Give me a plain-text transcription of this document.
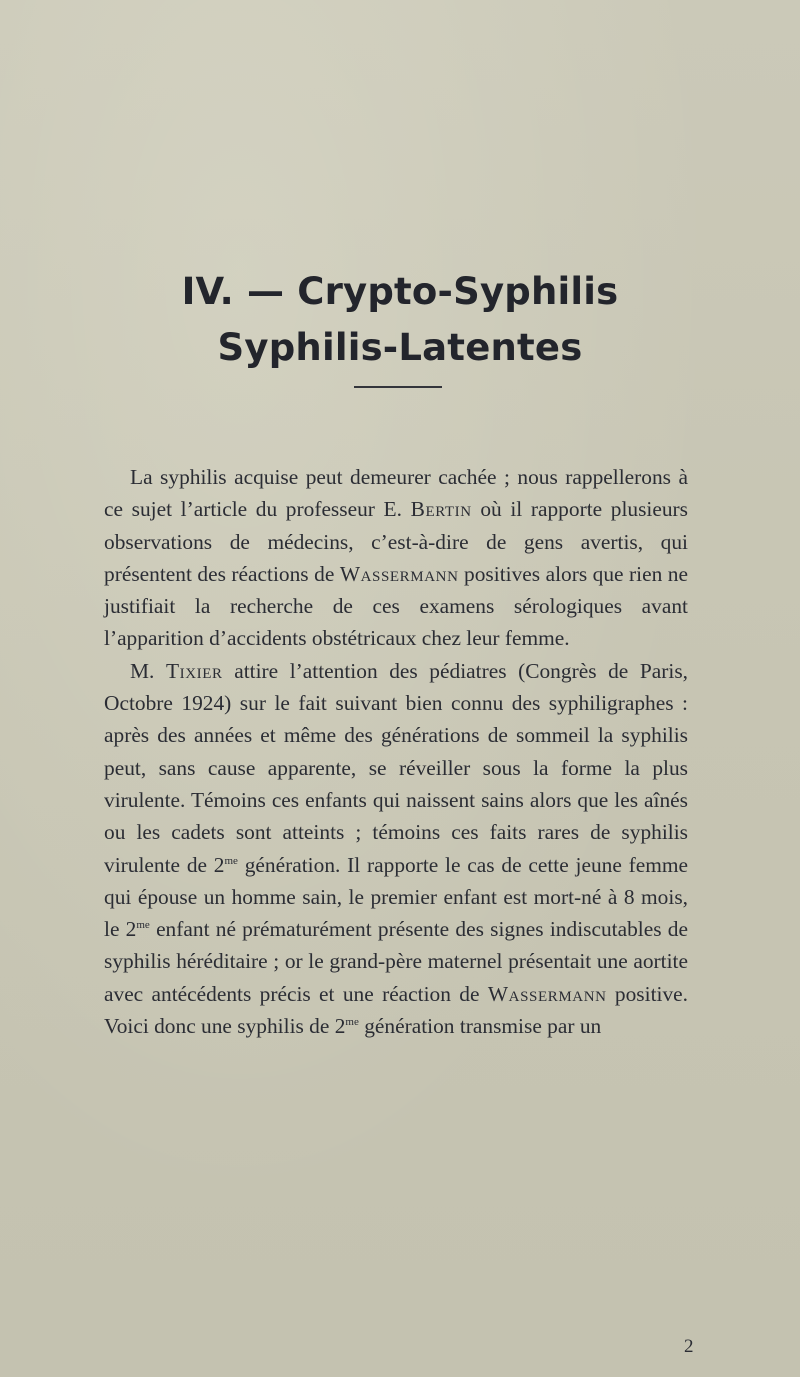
IV. — Crypto-Syphilis
Syphilis-Latentes

La syphilis acquise peut demeurer cachée ; nous rappellerons à ce sujet l’article du professeur E. Bertin où il rapporte plusieurs observations de médecins, c’est-à-dire de gens avertis, qui présentent des réactions de Wassermann positives alors que rien ne justifiait la recherche de ces examens sérologiques avant l’apparition d’accidents obstétricaux chez leur femme.

M. Tixier attire l’attention des pédiatres (Congrès de Paris, Octobre 1924) sur le fait suivant bien connu des syphiligraphes : après des années et même des générations de sommeil la syphilis peut, sans cause apparente, se réveiller sous la forme la plus virulente. Témoins ces enfants qui naissent sains alors que les aînés ou les cadets sont atteints ; témoins ces faits rares de syphilis virulente de $2^{me}$ génération. Il rapporte le cas de cette jeune femme qui épouse un homme sain, le premier enfant est mort-né à 8 mois, le $2^{me}$ enfant né prématurément présente des signes indiscutables de syphilis héréditaire ; or le grand-père maternel présentait une aortite avec antécédents précis et une réaction de Wassermann positive. Voici donc une syphilis de $2^{me}$ génération transmise par un

2
